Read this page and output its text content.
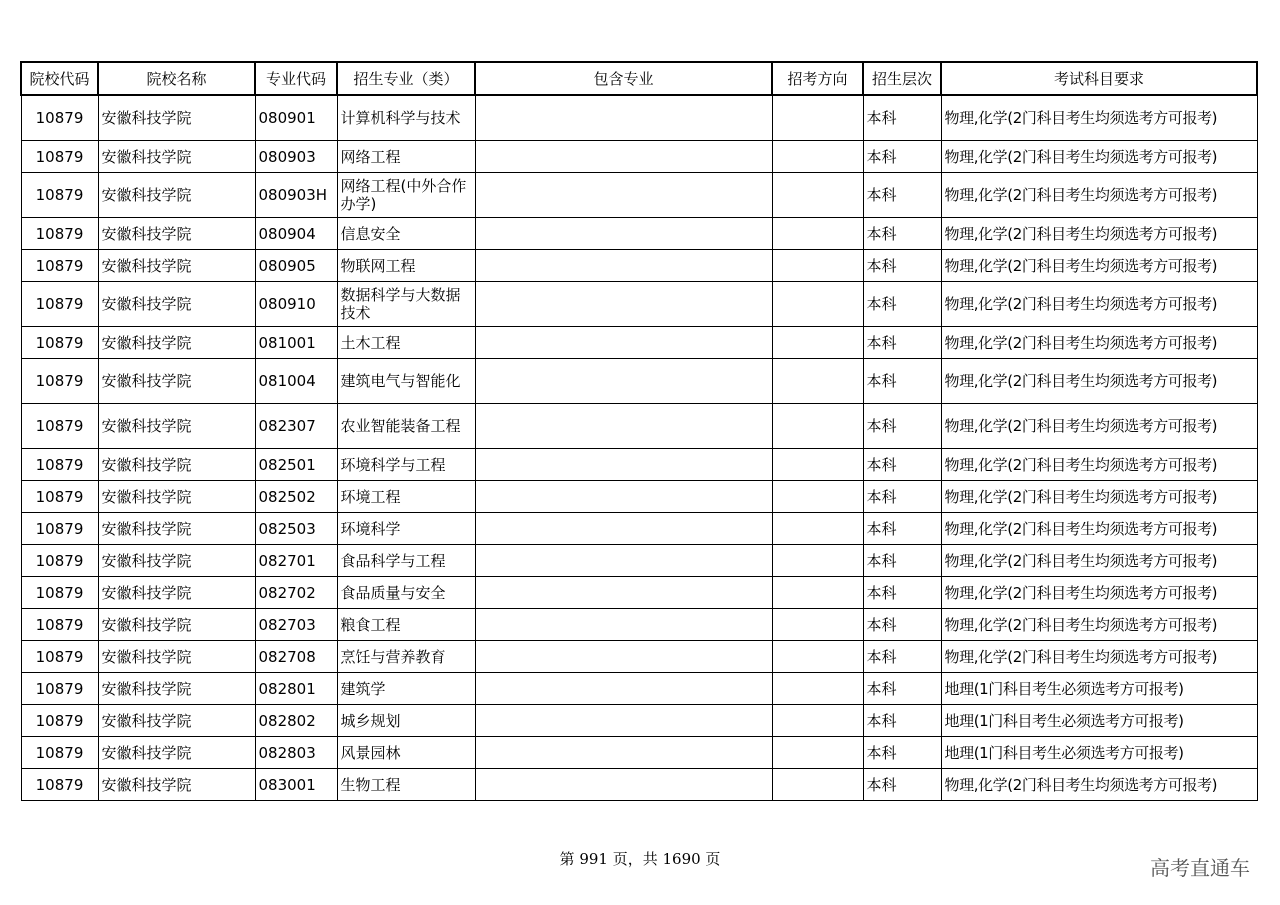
院校代码	院校名称	专业代码	招生专业（类）	包含专业	招考方向	招生层次	考试科目要求
10879	安徽科技学院	080901	计算机科学与技术			本科	物理,化学(2门科目考生均须选考方可报考)
10879	安徽科技学院	080903	网络工程			本科	物理,化学(2门科目考生均须选考方可报考)
10879	安徽科技学院	080903H	网络工程(中外合作办学)			本科	物理,化学(2门科目考生均须选考方可报考)
10879	安徽科技学院	080904	信息安全			本科	物理,化学(2门科目考生均须选考方可报考)
10879	安徽科技学院	080905	物联网工程			本科	物理,化学(2门科目考生均须选考方可报考)
10879	安徽科技学院	080910	数据科学与大数据技术			本科	物理,化学(2门科目考生均须选考方可报考)
10879	安徽科技学院	081001	土木工程			本科	物理,化学(2门科目考生均须选考方可报考)
10879	安徽科技学院	081004	建筑电气与智能化			本科	物理,化学(2门科目考生均须选考方可报考)
10879	安徽科技学院	082307	农业智能装备工程			本科	物理,化学(2门科目考生均须选考方可报考)
10879	安徽科技学院	082501	环境科学与工程			本科	物理,化学(2门科目考生均须选考方可报考)
10879	安徽科技学院	082502	环境工程			本科	物理,化学(2门科目考生均须选考方可报考)
10879	安徽科技学院	082503	环境科学			本科	物理,化学(2门科目考生均须选考方可报考)
10879	安徽科技学院	082701	食品科学与工程			本科	物理,化学(2门科目考生均须选考方可报考)
10879	安徽科技学院	082702	食品质量与安全			本科	物理,化学(2门科目考生均须选考方可报考)
10879	安徽科技学院	082703	粮食工程			本科	物理,化学(2门科目考生均须选考方可报考)
10879	安徽科技学院	082708	烹饪与营养教育			本科	物理,化学(2门科目考生均须选考方可报考)
10879	安徽科技学院	082801	建筑学			本科	地理(1门科目考生必须选考方可报考)
10879	安徽科技学院	082802	城乡规划			本科	地理(1门科目考生必须选考方可报考)
10879	安徽科技学院	082803	风景园林			本科	地理(1门科目考生必须选考方可报考)
10879	安徽科技学院	083001	生物工程			本科	物理,化学(2门科目考生均须选考方可报考)
第 991 页，共 1690 页	高考直通车
